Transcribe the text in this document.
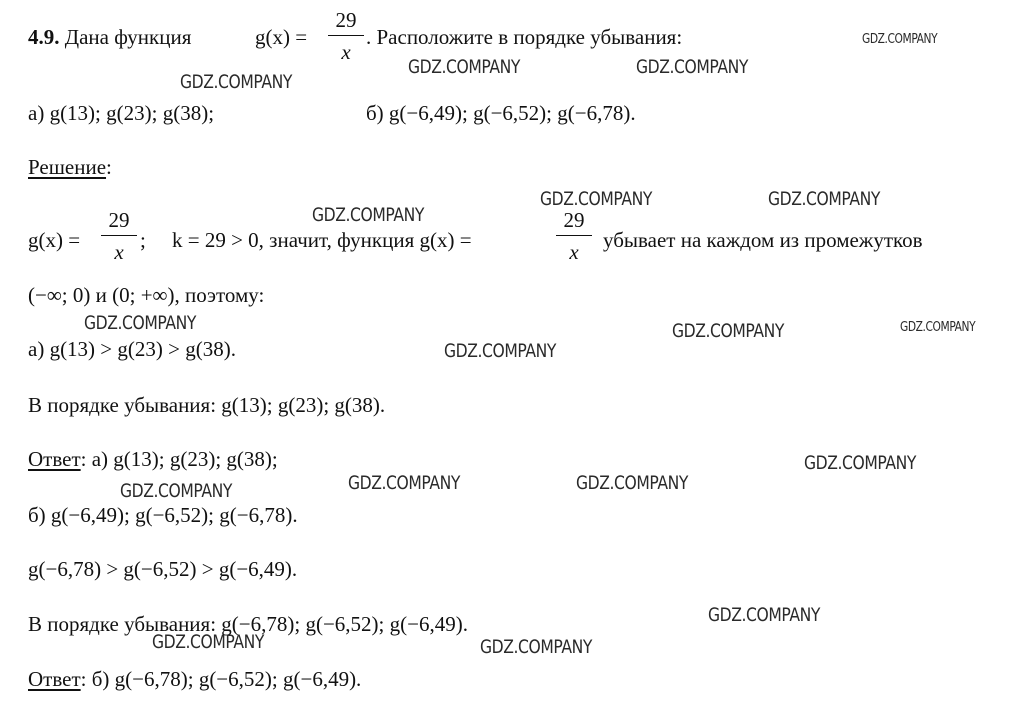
4.9. Дана функция	g(x) =
29
x
. Расположите в порядке убывания:
а) g(13); g(23); g(38);	б) g(−6,49); g(−6,52); g(−6,78).
Решение:
g(x) =
29
x ; k = 29 > 0, значит, функция g(x) =
29
x	убывает на каждом из промежутков
(−∞; 0) и (0; +∞), поэтому:
а) g(13) > g(23) > g(38).
В порядке убывания: g(13); g(23); g(38).
Ответ: а) g(13); g(23); g(38);
б) g(−6,49); g(−6,52); g(−6,78).
g(−6,78) > g(−6,52) > g(−6,49).
В порядке убывания: g(−6,78); g(−6,52); g(−6,49).
Ответ: б) g(−6,78); g(−6,52); g(−6,49).
GDZ.COMPANY
GDZ.COMPANY
GDZ.COMPANY	GDZ.COMPANY
GDZ.COMPANY	GDZ.COMPANY
GDZ.COMPANY
GDZ.COMPANY	GDZ.COMPANY	GDZ.COMPANY
GDZ.COMPANY
GDZ.COMPANY
GDZ.COMPANY	GDZ.COMPANY
GDZ.COMPANY
GDZ.COMPANY
GDZ.COMPANY	GDZ.COMPANY
